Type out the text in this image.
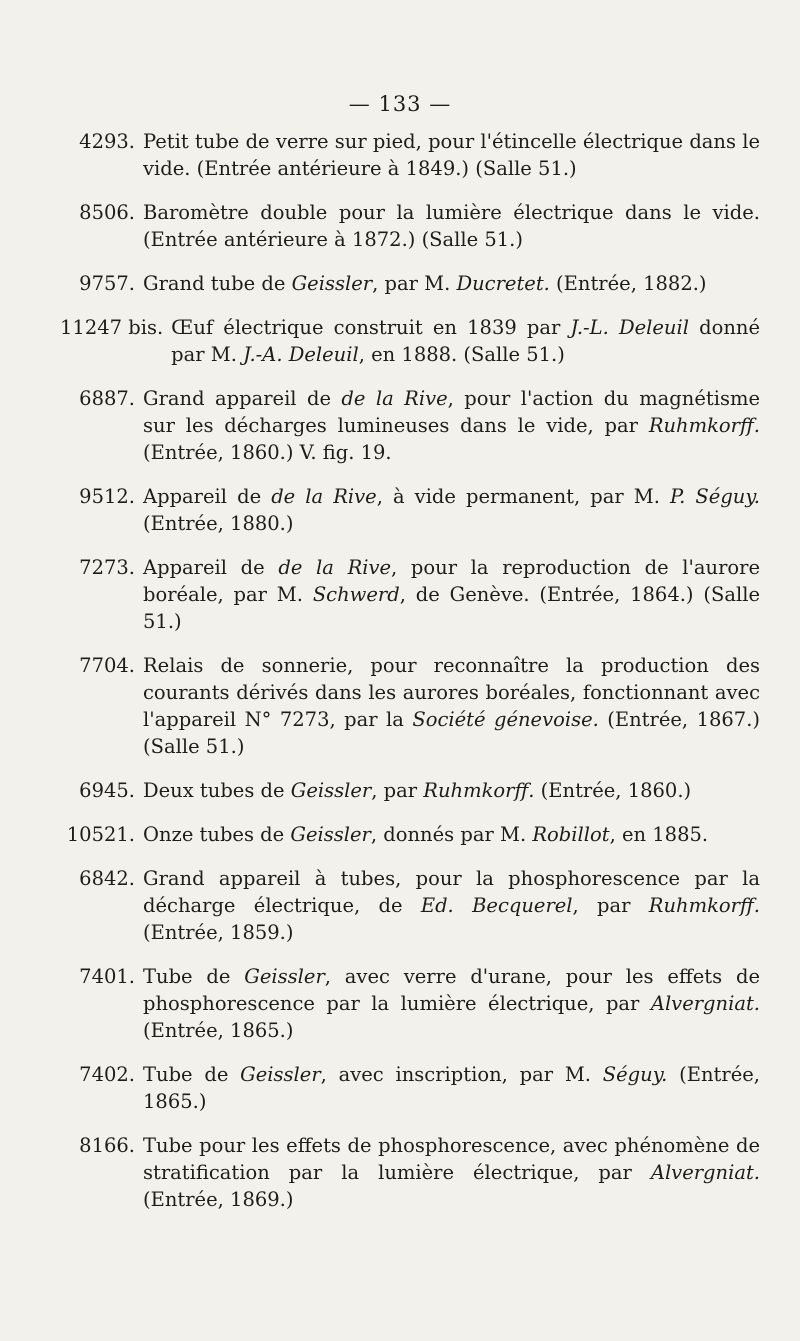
— 133 —
4293. Petit tube de verre sur pied, pour l'étincelle électrique dans le vide. (Entrée antérieure à 1849.) (Salle 51.)
8506. Baromètre double pour la lumière électrique dans le vide. (Entrée antérieure à 1872.) (Salle 51.)
9757. Grand tube de Geissler, par M. Ducretet. (Entrée, 1882.)
11247 bis. Œuf électrique construit en 1839 par J.-L. Deleuil donné par M. J.-A. Deleuil, en 1888. (Salle 51.)
6887. Grand appareil de de la Rive, pour l'action du magnétisme sur les décharges lumineuses dans le vide, par Ruhmkorff. (Entrée, 1860.) V. fig. 19.
9512. Appareil de de la Rive, à vide permanent, par M. P. Séguy. (Entrée, 1880.)
7273. Appareil de de la Rive, pour la reproduction de l'aurore boréale, par M. Schwerd, de Genève. (Entrée, 1864.) (Salle 51.)
7704. Relais de sonnerie, pour reconnaître la production des courants dérivés dans les aurores boréales, fonctionnant avec l'appareil N° 7273, par la Société génevoise. (Entrée, 1867.) (Salle 51.)
6945. Deux tubes de Geissler, par Ruhmkorff. (Entrée, 1860.)
10521. Onze tubes de Geissler, donnés par M. Robillot, en 1885.
6842. Grand appareil à tubes, pour la phosphorescence par la décharge électrique, de Ed. Becquerel, par Ruhmkorff. (Entrée, 1859.)
7401. Tube de Geissler, avec verre d'urane, pour les effets de phosphorescence par la lumière électrique, par Alvergniat. (Entrée, 1865.)
7402. Tube de Geissler, avec inscription, par M. Séguy. (Entrée, 1865.)
8166. Tube pour les effets de phosphorescence, avec phénomène de stratification par la lumière électrique, par Alvergniat. (Entrée, 1869.)
